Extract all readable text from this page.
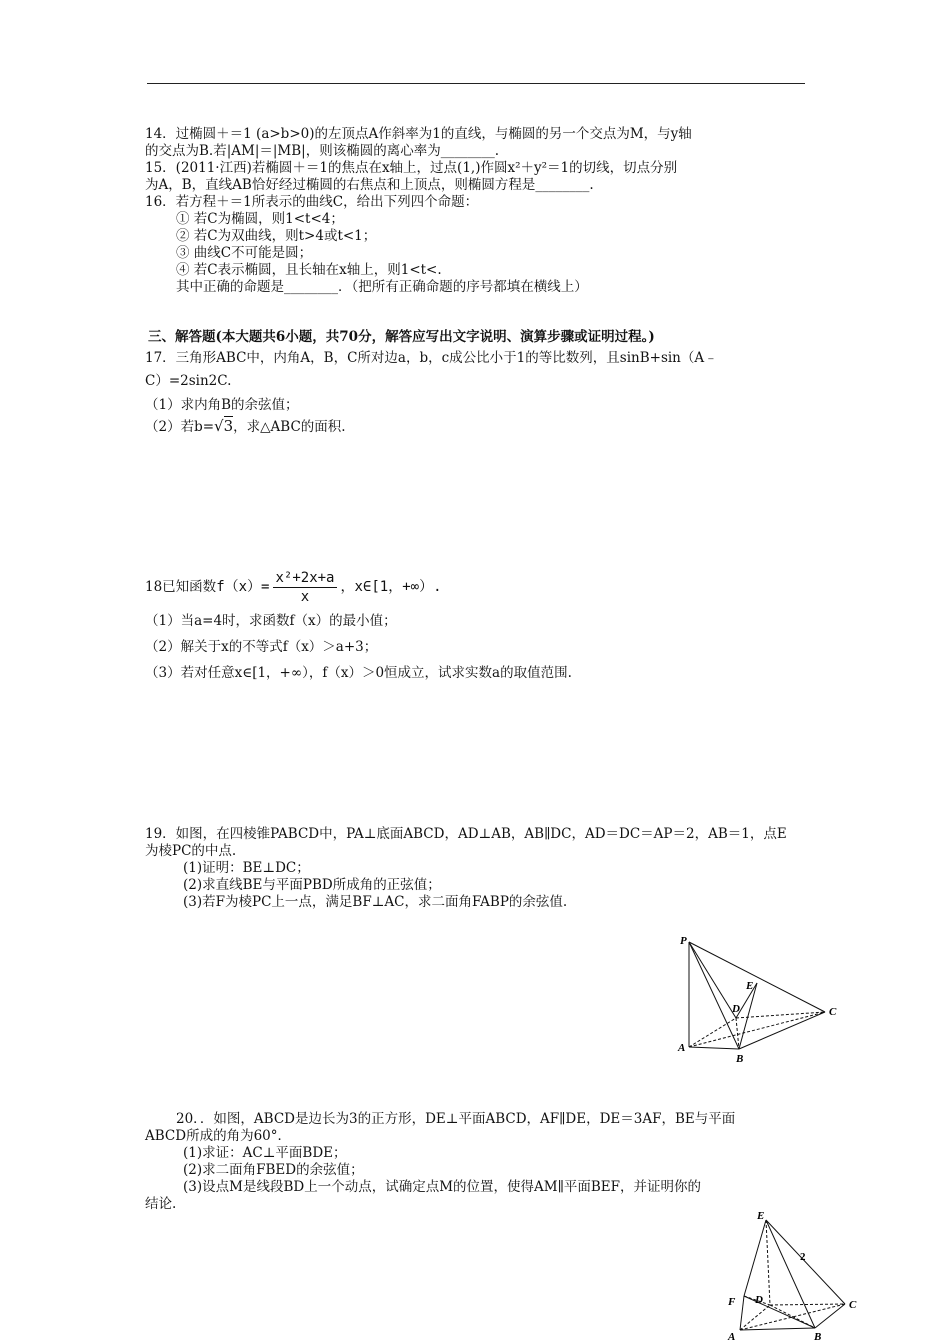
14．过椭圆＋＝1 (a>b>0)的左顶点A作斜率为1的直线，与椭圆的另一个交点为M，与y轴
的交点为B.若|AM|＝|MB|，则该椭圆的离心率为________.
15．(2011·江西)若椭圆＋＝1的焦点在x轴上，过点(1,)作圆x²＋y²＝1的切线，切点分别
为A，B，直线AB恰好经过椭圆的右焦点和上顶点，则椭圆方程是________.
16．若方程＋＝1所表示的曲线C，给出下列四个命题：
① 若C为椭圆，则1<t<4；
② 若C为双曲线，则t>4或t<1；
③ 曲线C不可能是圆；
④ 若C表示椭圆，且长轴在x轴上，则1<t<.
其中正确的命题是________．（把所有正确命题的序号都填在横线上）
三、解答题(本大题共6小题，共70分，解答应写出文字说明、演算步骤或证明过程。)
17．三角形ABC中，内角A，B，C所对边a，b，c成公比小于1的等比数列，且sinB+sin（A﹣
C）=2sin2C.
（1）求内角B的余弦值；
（2）若b=√3，求△ABC的面积.
18已知函数 $f(x)= \frac{\text{x²+2x+a}}{x}$ ，x∈[1，+∞）.
（1）当a=4时，求函数f（x）的最小值；
（2）解关于x的不等式f（x）＞a+3；
（3）若对任意x∈[1，+∞），f（x）＞0恒成立，试求实数a的取值范围.
19．如图，在四棱锥PABCD中，PA⊥底面ABCD，AD⊥AB，AB∥DC，AD＝DC＝AP＝2，AB＝1，点E
为棱PC的中点.
(1)证明：BE⊥DC；
(2)求直线BE与平面PBD所成角的正弦值；
(3)若F为棱PC上一点，满足BF⊥AC，求二面角FABP的余弦值.
P
E
D	C
A
B
20．．如图，ABCD是边长为3的正方形，DE⊥平面ABCD，AF∥DE，DE＝3AF，BE与平面
ABCD所成的角为60°．
(1)求证：AC⊥平面BDE；
(2)求二面角FBED的余弦值；
(3)设点M是线段BD上一个动点，试确定点M的位置，使得AM∥平面BEF，并证明你的
结论.
E
2
F D	C
A	B
